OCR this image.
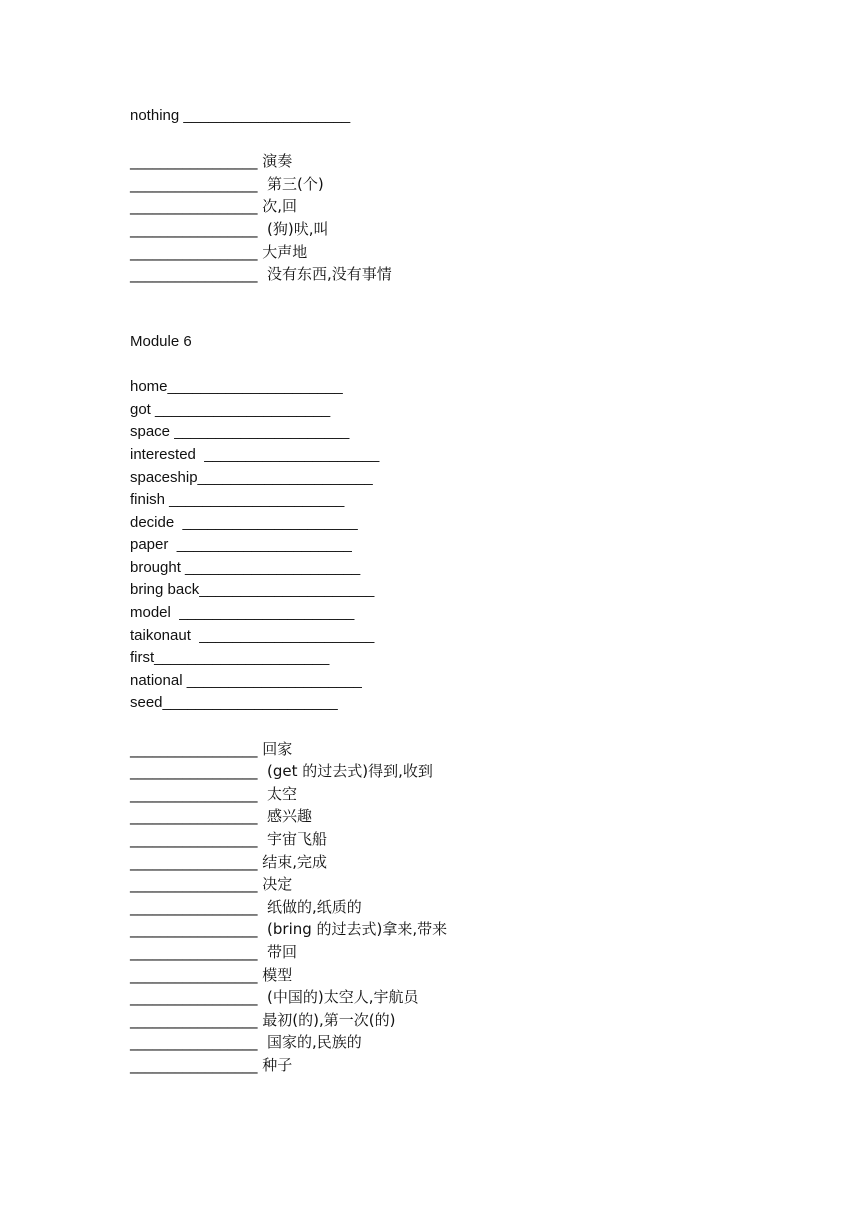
nothing ____________________
_________________ 演奏
_________________  第三(个)
_________________ 次,回
_________________  (狗)吠,叫
_________________ 大声地
_________________  没有东西,没有事情
Module 6
home_____________________
got _____________________
space _____________________
interested  _____________________
spaceship_____________________
finish _____________________
decide  _____________________
paper  _____________________
brought _____________________
bring back_____________________
model  _____________________
taikonaut  _____________________
first_____________________
national _____________________
seed_____________________
_________________ 回家
_________________  (get 的过去式)得到,收到
_________________  太空
_________________  感兴趣
_________________  宇宙飞船
_________________ 结束,完成
_________________ 决定
_________________  纸做的,纸质的
_________________  (bring 的过去式)拿来,带来
_________________  带回
_________________ 模型
_________________  (中国的)太空人,宇航员
_________________ 最初(的),第一次(的)
_________________  国家的,民族的
_________________ 种子
